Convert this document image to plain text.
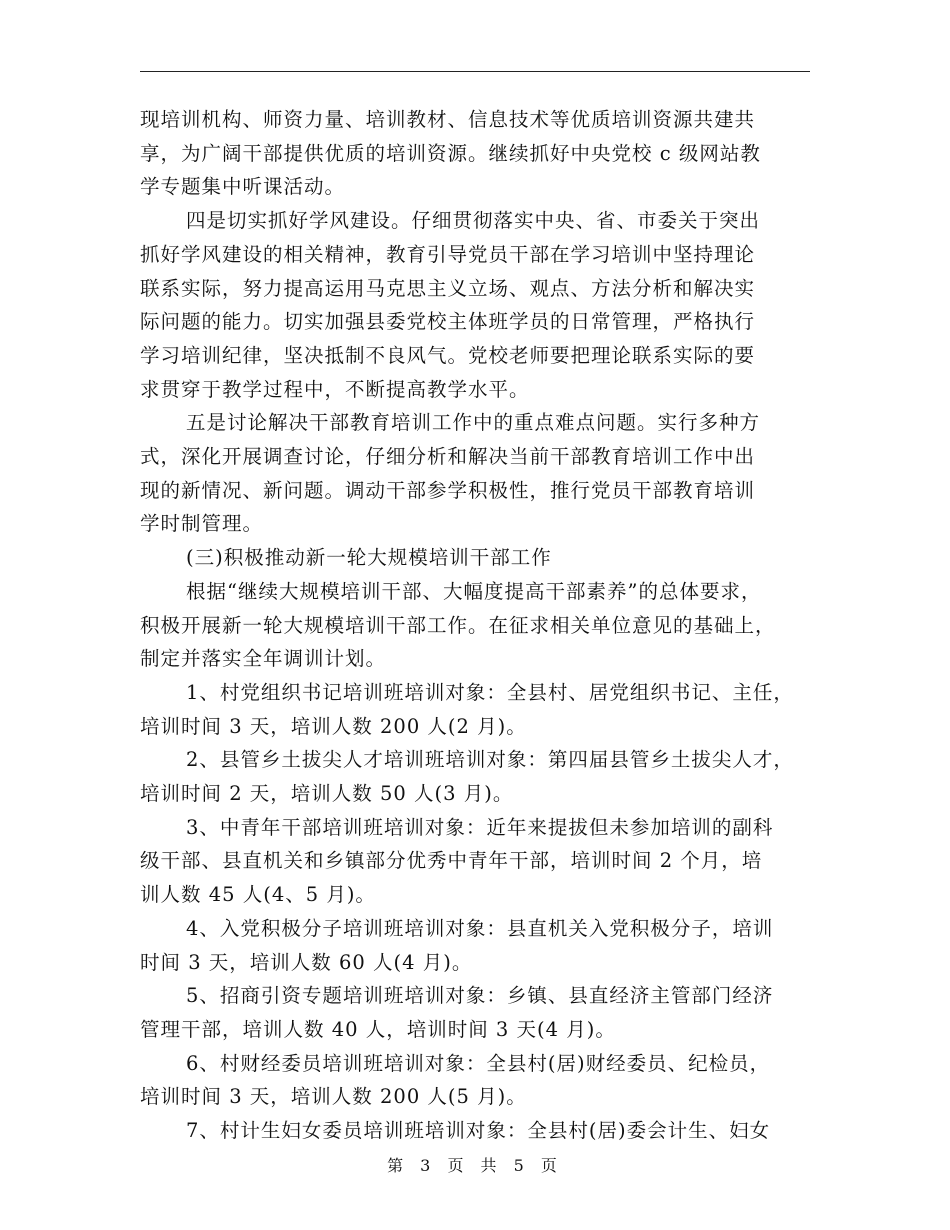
现培训机构、师资力量、培训教材、信息技术等优质培训资源共建共
享，为广阔干部提供优质的培训资源。继续抓好中央党校 c 级网站教
学专题集中听课活动。
四是切实抓好学风建设。仔细贯彻落实中央、省、市委关于突出
抓好学风建设的相关精神，教育引导党员干部在学习培训中坚持理论
联系实际，努力提高运用马克思主义立场、观点、方法分析和解决实
际问题的能力。切实加强县委党校主体班学员的日常管理，严格执行
学习培训纪律，坚决抵制不良风气。党校老师要把理论联系实际的要
求贯穿于教学过程中，不断提高教学水平。
五是讨论解决干部教育培训工作中的重点难点问题。实行多种方
式，深化开展调查讨论，仔细分析和解决当前干部教育培训工作中出
现的新情况、新问题。调动干部参学积极性，推行党员干部教育培训
学时制管理。
(三)积极推动新一轮大规模培训干部工作
根据“继续大规模培训干部、大幅度提高干部素养”的总体要求，
积极开展新一轮大规模培训干部工作。在征求相关单位意见的基础上，
制定并落实全年调训计划。
1、村党组织书记培训班培训对象：全县村、居党组织书记、主任，
培训时间 3 天，培训人数 200 人(2 月)。
2、县管乡土拔尖人才培训班培训对象：第四届县管乡土拔尖人才，
培训时间 2 天，培训人数 50 人(3 月)。
3、中青年干部培训班培训对象：近年来提拔但未参加培训的副科
级干部、县直机关和乡镇部分优秀中青年干部，培训时间 2 个月，培
训人数 45 人(4、5 月)。
4、入党积极分子培训班培训对象：县直机关入党积极分子，培训
时间 3 天，培训人数 60 人(4 月)。
5、招商引资专题培训班培训对象：乡镇、县直经济主管部门经济
管理干部，培训人数 40 人，培训时间 3 天(4 月)。
6、村财经委员培训班培训对象：全县村(居)财经委员、纪检员，
培训时间 3 天，培训人数 200 人(5 月)。
7、村计生妇女委员培训班培训对象：全县村(居)委会计生、妇女

第 3 页 共 5 页
